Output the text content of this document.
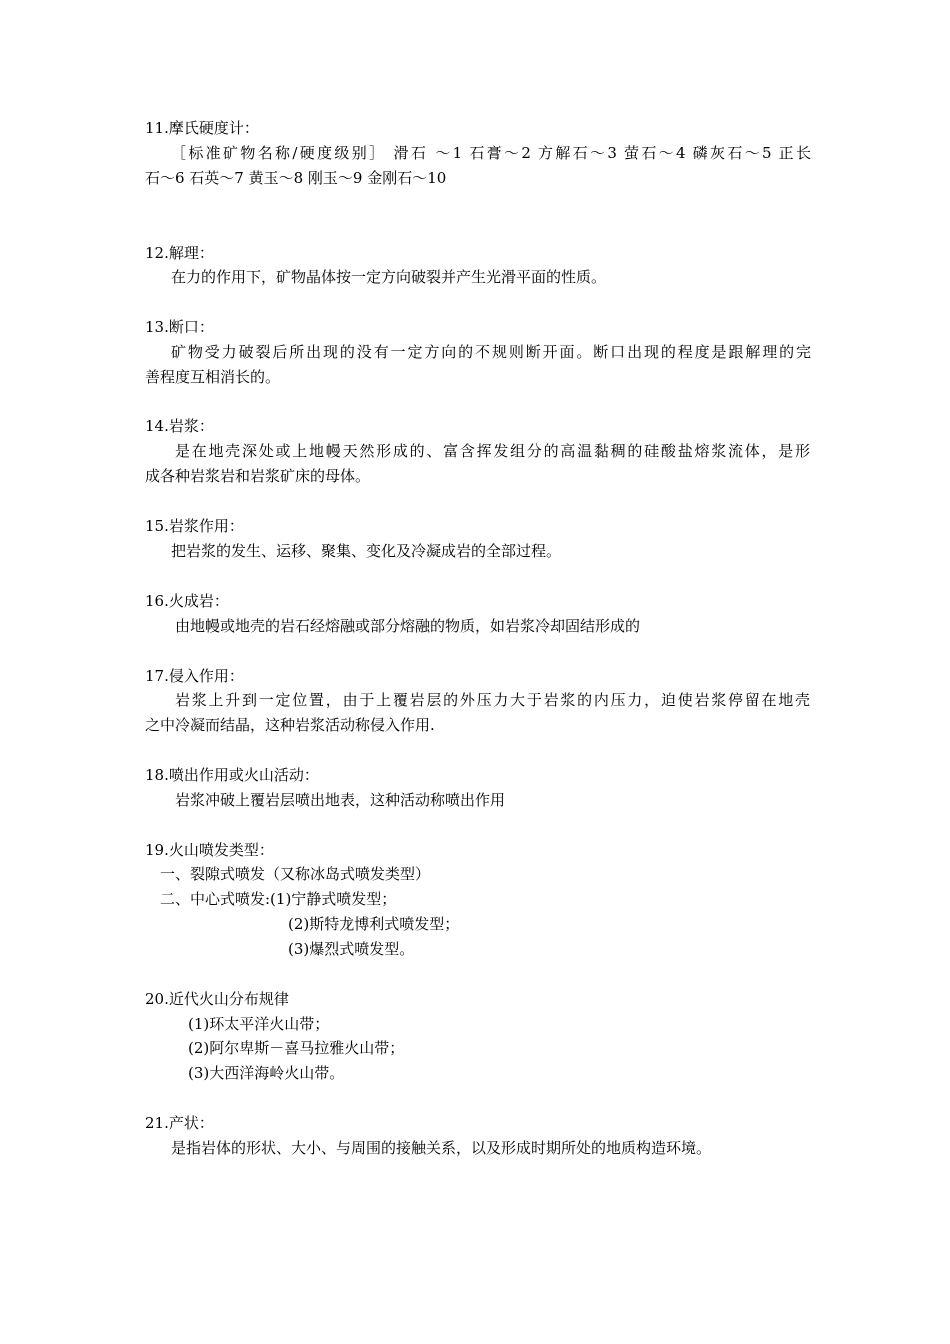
11.摩氏硬度计：
［标准矿物名称/硬度级别］ 滑石 ～1 石膏～2 方解石～3 萤石～4 磷灰石～5 正长
石～6 石英～7 黄玉～8 刚玉～9 金刚石～10
12.解理：
在力的作用下，矿物晶体按一定方向破裂并产生光滑平面的性质。
13.断口：
矿物受力破裂后所出现的没有一定方向的不规则断开面。断口出现的程度是跟解理的完
善程度互相消长的。
14.岩浆：
是在地壳深处或上地幔天然形成的、富含挥发组分的高温黏稠的硅酸盐熔浆流体，是形
成各种岩浆岩和岩浆矿床的母体。
15.岩浆作用：
把岩浆的发生、运移、聚集、变化及冷凝成岩的全部过程。
16.火成岩：
由地幔或地壳的岩石经熔融或部分熔融的物质，如岩浆冷却固结形成的
17.侵入作用：
岩浆上升到一定位置，由于上覆岩层的外压力大于岩浆的内压力，迫使岩浆停留在地壳
之中冷凝而结晶，这种岩浆活动称侵入作用.
18.喷出作用或火山活动：
岩浆冲破上覆岩层喷出地表，这种活动称喷出作用
19.火山喷发类型：
一、裂隙式喷发（又称冰岛式喷发类型）
二、中心式喷发:(1)宁静式喷发型；
(2)斯特龙博利式喷发型；
(3)爆烈式喷发型。
20.近代火山分布规律
(1)环太平洋火山带；
(2)阿尔卑斯－喜马拉雅火山带；
(3)大西洋海岭火山带。
21.产状：
是指岩体的形状、大小、与周围的接触关系，以及形成时期所处的地质构造环境。
